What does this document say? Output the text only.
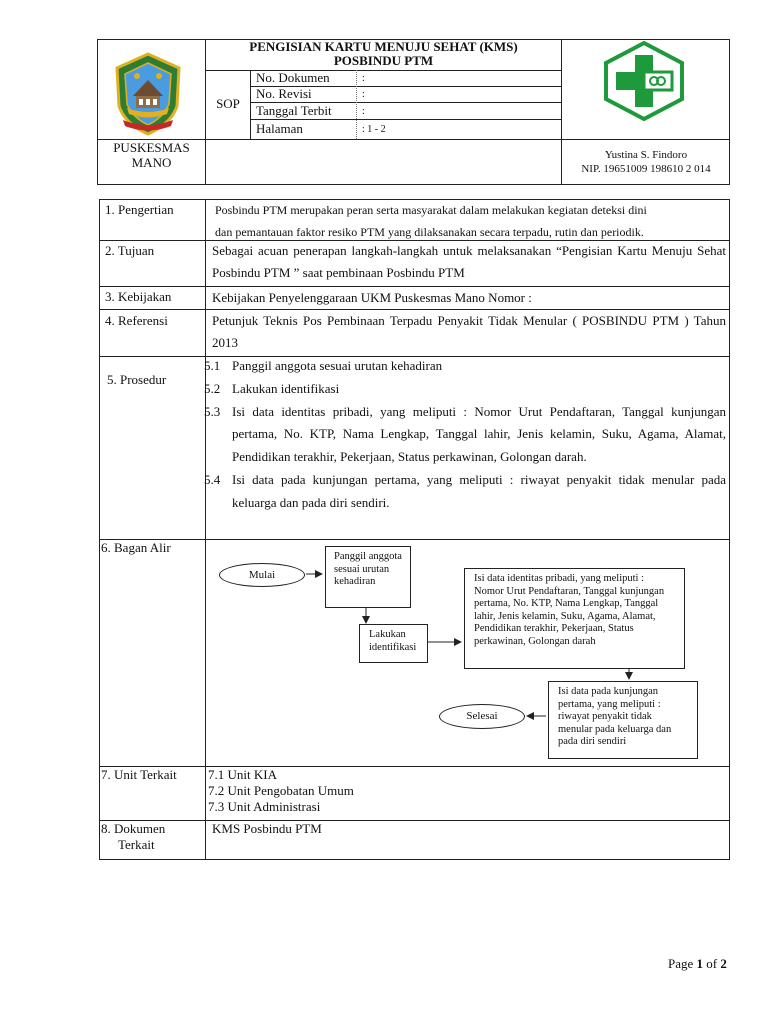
PUSKESMAS
MANO
PENGISIAN KARTU MENUJU SEHAT (KMS)
POSBINDU PTM
SOP
No. Dokumen	:
No. Revisi	:
Tanggal Terbit	:
Halaman	: 1 - 2
Yustina S. Findoro
NIP. 19651009 198610 2 014
1. Pengertian	Posbindu PTM merupakan peran serta masyarakat dalam melakukan kegiatan deteksi dini
dan pemantauan faktor resiko PTM yang dilaksanakan secara terpadu, rutin dan periodik.
2. Tujuan	Sebagai acuan penerapan langkah-langkah untuk melaksanakan “Pengisian Kartu Menuju Sehat Posbindu PTM ” saat pembinaan Posbindu PTM
3. Kebijakan	Kebijakan Penyelenggaraan UKM Puskesmas Mano Nomor :
4. Referensi	Petunjuk Teknis Pos Pembinaan Terpadu Penyakit Tidak Menular ( POSBINDU PTM ) Tahun 2013
5. Prosedur
5.1 Panggil anggota sesuai urutan kehadiran
5.2 Lakukan identifikasi
5.3 Isi data identitas pribadi, yang meliputi : Nomor Urut Pendaftaran, Tanggal kunjungan pertama, No. KTP, Nama Lengkap, Tanggal lahir, Jenis kelamin, Suku, Agama, Alamat, Pendidikan terakhir, Pekerjaan, Status perkawinan, Golongan darah.
5.4 Isi data pada kunjungan pertama, yang meliputi : riwayat penyakit tidak menular pada keluarga dan pada diri sendiri.
6. Bagan Alir
Mulai
Panggil anggota sesuai urutan kehadiran
Lakukan identifikasi
Isi data identitas pribadi, yang meliputi : Nomor Urut Pendaftaran, Tanggal kunjungan pertama, No. KTP, Nama Lengkap, Tanggal lahir, Jenis kelamin, Suku, Agama, Alamat, Pendidikan terakhir, Pekerjaan, Status perkawinan, Golongan darah
Isi data pada kunjungan pertama, yang meliputi : riwayat penyakit tidak menular pada keluarga dan pada diri sendiri
Selesai
7. Unit Terkait 7.1 Unit KIA
7.2 Unit Pengobatan Umum
7.3 Unit Administrasi
8. Dokumen
Terkait
KMS Posbindu PTM
Page 1 of 2
